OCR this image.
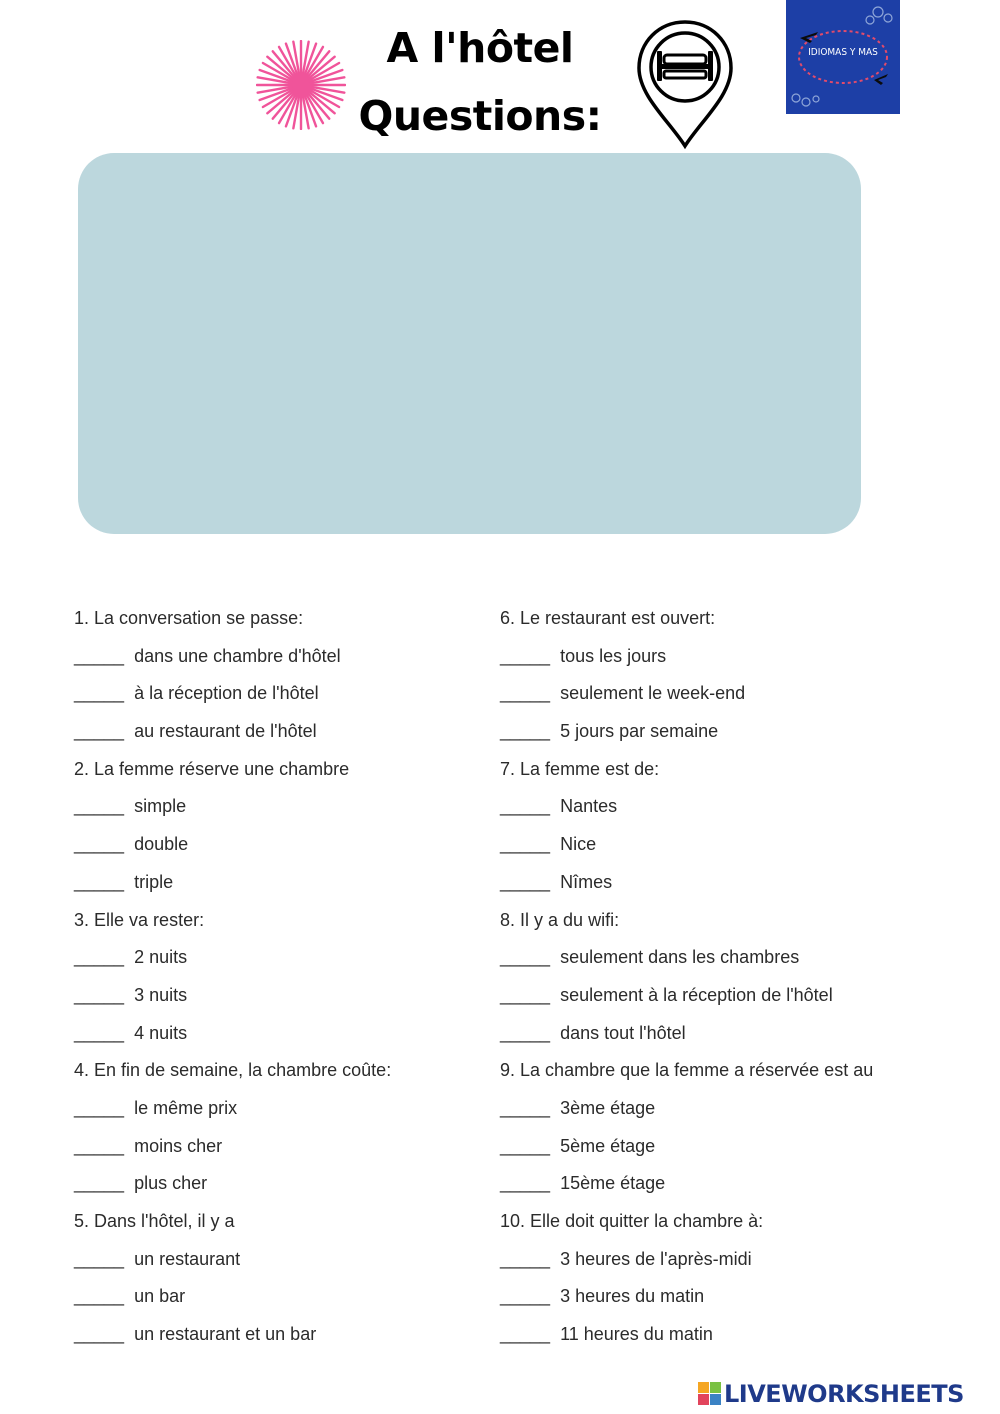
A l'hôtel
Questions:
IDIOMAS Y MAS
1. La conversation se passe:
_____ dans une chambre d'hôtel
_____ à la réception de l'hôtel
_____ au restaurant de l'hôtel
2. La femme réserve une chambre
_____ simple
_____ double
_____ triple
3. Elle va rester:
_____ 2 nuits
_____ 3 nuits
_____ 4 nuits
4. En fin de semaine, la chambre coûte:
_____ le même prix
_____ moins cher
_____ plus cher
5. Dans l'hôtel, il y a
_____ un restaurant
_____ un bar
_____ un restaurant et un bar
6. Le restaurant est ouvert:
_____ tous les jours
_____ seulement le week-end
_____ 5 jours par semaine
7. La femme est de:
_____ Nantes
_____ Nice
_____ Nîmes
8. Il y a du wifi:
_____ seulement dans les chambres
_____ seulement à la réception de l'hôtel
_____ dans tout l'hôtel
9. La chambre que la femme a réservée est au
_____ 3ème étage
_____ 5ème étage
_____ 15ème étage
10. Elle doit quitter la chambre à:
_____ 3 heures de l'après-midi
_____ 3 heures du matin
_____ 11 heures du matin
LIVEWORKSHEETS
